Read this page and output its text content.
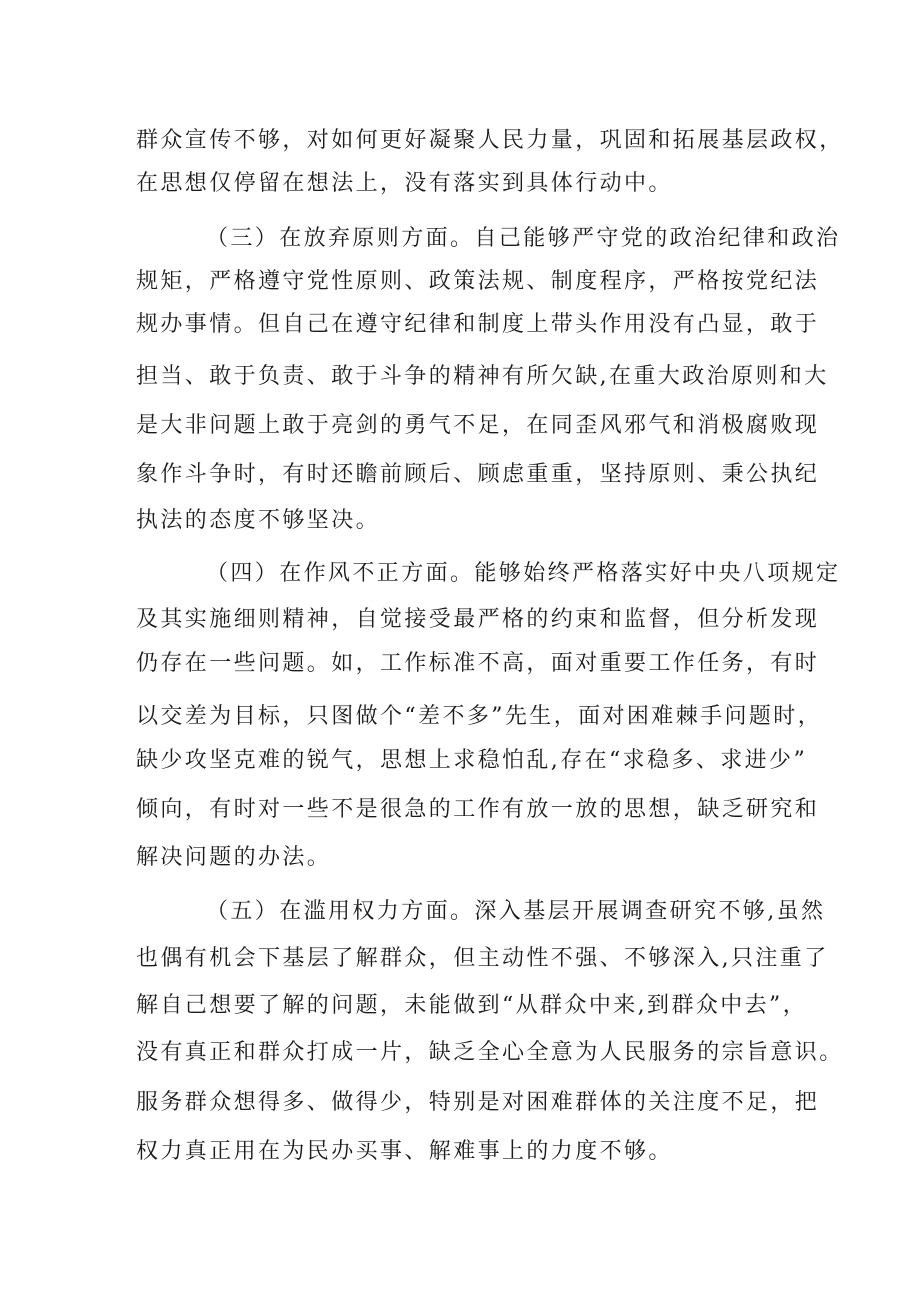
群众宣传不够，对如何更好凝聚人民力量，巩固和拓展基层政权，
在思想仅停留在想法上，没有落实到具体行动中。
（三）在放弃原则方面。自己能够严守党的政治纪律和政治
规矩，严格遵守党性原则、政策法规、制度程序，严格按党纪法
规办事情。但自己在遵守纪律和制度上带头作用没有凸显，敢于
担当、敢于负责、敢于斗争的精神有所欠缺,在重大政治原则和大
是大非问题上敢于亮剑的勇气不足，在同歪风邪气和消极腐败现
象作斗争时，有时还瞻前顾后、顾虑重重，坚持原则、秉公执纪
执法的态度不够坚决。
（四）在作风不正方面。能够始终严格落实好中央八项规定
及其实施细则精神，自觉接受最严格的约束和监督，但分析发现
仍存在一些问题。如，工作标准不高，面对重要工作任务，有时
以交差为目标，只图做个“差不多”先生，面对困难棘手问题时，
缺少攻坚克难的锐气，思想上求稳怕乱,存在“求稳多、求进少”
倾向，有时对一些不是很急的工作有放一放的思想，缺乏研究和
解决问题的办法。
（五）在滥用权力方面。深入基层开展调查研究不够,虽然
也偶有机会下基层了解群众，但主动性不强、不够深入,只注重了
解自己想要了解的问题，未能做到“从群众中来,到群众中去”，
没有真正和群众打成一片，缺乏全心全意为人民服务的宗旨意识。
服务群众想得多、做得少，特别是对困难群体的关注度不足，把
权力真正用在为民办买事、解难事上的力度不够。
